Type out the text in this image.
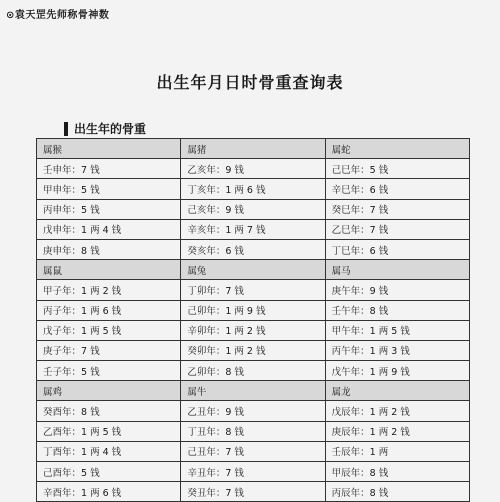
⊙袁天罡先师称骨神数
出生年月日时骨重查询表
出生年的骨重
属猴	属猪	属蛇
壬申年：7 钱	乙亥年：9 钱	己巳年：5 钱
甲申年：5 钱	丁亥年：1 两 6 钱	辛巳年：6 钱
丙申年：5 钱	己亥年：9 钱	癸巳年：7 钱
戊申年：1 两 4 钱	辛亥年：1 两 7 钱	乙巳年：7 钱
庚申年：8 钱	癸亥年：6 钱	丁巳年：6 钱
属鼠	属兔	属马
甲子年：1 两 2 钱	丁卯年：7 钱	庚午年：9 钱
丙子年：1 两 6 钱	己卯年：1 两 9 钱	壬午年：8 钱
戊子年：1 两 5 钱	辛卯年：1 两 2 钱	甲午年：1 两 5 钱
庚子年：7 钱	癸卯年：1 两 2 钱	丙午年：1 两 3 钱
壬子年：5 钱	乙卯年：8 钱	戊午年：1 两 9 钱
属鸡	属牛	属龙
癸酉年：8 钱	乙丑年：9 钱	戊辰年：1 两 2 钱
乙酉年：1 两 5 钱	丁丑年：8 钱	庚辰年：1 两 2 钱
丁酉年：1 两 4 钱	己丑年：7 钱	壬辰年：1 两
己酉年：5 钱	辛丑年：7 钱	甲辰年：8 钱
辛酉年：1 两 6 钱	癸丑年：7 钱	丙辰年：8 钱
